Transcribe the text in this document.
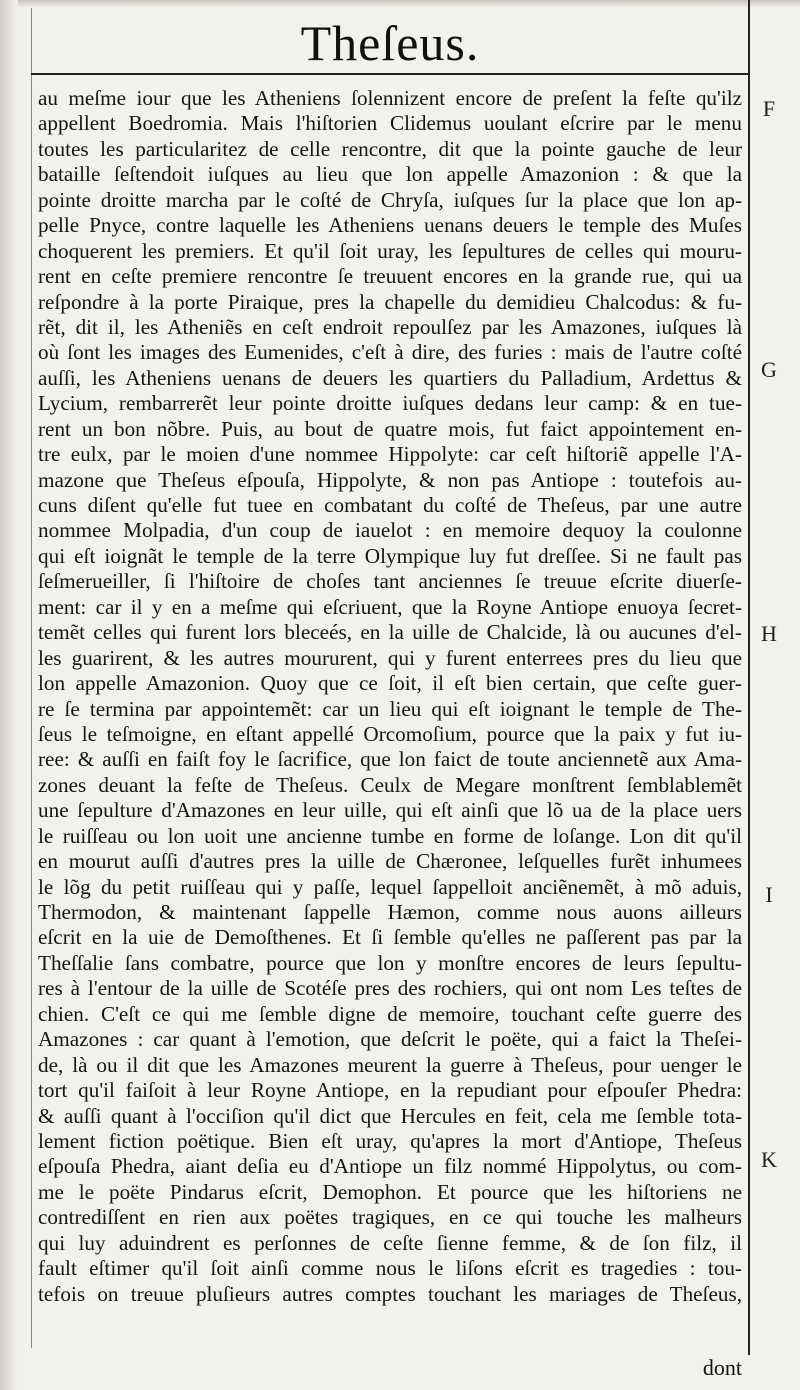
Theſeus.
au meſme iour que les Atheniens ſolennizent encore de preſent la feſte qu'ilz
appellent Boedromia. Mais l'hiſtorien Clidemus uoulant eſcrire par le menu
toutes les particularitez de celle rencontre, dit que la pointe gauche de leur
bataille ſeſtendoit iuſques au lieu que lon appelle Amazonion : & que la
pointe droitte marcha par le coſté de Chryſa, iuſques ſur la place que lon ap-
pelle Pnyce, contre laquelle les Atheniens uenans deuers le temple des Muſes
choquerent les premiers. Et qu'il ſoit uray, les ſepultures de celles qui mouru-
rent en ceſte premiere rencontre ſe treuuent encores en la grande rue, qui ua
reſpondre à la porte Piraique, pres la chapelle du demidieu Chalcodus: & fu-
rẽt, dit il, les Atheniẽs en ceſt endroit repoulſez par les Amazones, iuſques là
où ſont les images des Eumenides, c'eſt à dire, des furies : mais de l'autre coſté
auſſi, les Atheniens uenans de deuers les quartiers du Palladium, Ardettus &
Lycium, rembarrerẽt leur pointe droitte iuſques dedans leur camp: & en tue-
rent un bon nõbre. Puis, au bout de quatre mois, fut faict appointement en-
tre eulx, par le moien d'une nommee Hippolyte: car ceſt hiſtoriẽ appelle l'A-
mazone que Theſeus eſpouſa, Hippolyte, & non pas Antiope : toutefois au-
cuns diſent qu'elle fut tuee en combatant du coſté de Theſeus, par une autre
nommee Molpadia, d'un coup de iauelot : en memoire dequoy la coulonne
qui eſt ioignãt le temple de la terre Olympique luy fut dreſſee. Si ne fault pas
ſeſmerueiller, ſi l'hiſtoire de choſes tant anciennes ſe treuue eſcrite diuerſe-
ment: car il y en a meſme qui eſcriuent, que la Royne Antiope enuoya ſecret-
temẽt celles qui furent lors bleceés, en la uille de Chalcide, là ou aucunes d'el-
les guarirent, & les autres moururent, qui y furent enterrees pres du lieu que
lon appelle Amazonion. Quoy que ce ſoit, il eſt bien certain, que ceſte guer-
re ſe termina par appointemẽt: car un lieu qui eſt ioignant le temple de The-
ſeus le teſmoigne, en eſtant appellé Orcomoſium, pource que la paix y fut iu-
ree: & auſſi en faiſt foy le ſacrifice, que lon faict de toute anciennetẽ aux Ama-
zones deuant la feſte de Theſeus. Ceulx de Megare monſtrent ſemblablemẽt
une ſepulture d'Amazones en leur uille, qui eſt ainſi que lõ ua de la place uers
le ruiſſeau ou lon uoit une ancienne tumbe en forme de loſange. Lon dit qu'il
en mourut auſſi d'autres pres la uille de Chæronee, leſquelles furẽt inhumees
le lõg du petit ruiſſeau qui y paſſe, lequel ſappelloit anciẽnemẽt, à mõ aduis,
Thermodon, & maintenant ſappelle Hæmon, comme nous auons ailleurs
eſcrit en la uie de Demoſthenes. Et ſi ſemble qu'elles ne paſſerent pas par la
Theſſalie ſans combatre, pource que lon y monſtre encores de leurs ſepultu-
res à l'entour de la uille de Scotéſe pres des rochiers, qui ont nom Les teſtes de
chien. C'eſt ce qui me ſemble digne de memoire, touchant ceſte guerre des
Amazones : car quant à l'emotion, que deſcrit le poëte, qui a faict la Theſei-
de, là ou il dit que les Amazones meurent la guerre à Theſeus, pour uenger le
tort qu'il faiſoit à leur Royne Antiope, en la repudiant pour eſpouſer Phedra:
& auſſi quant à l'occiſion qu'il dict que Hercules en feit, cela me ſemble tota-
lement fiction poëtique. Bien eſt uray, qu'apres la mort d'Antiope, Theſeus
eſpouſa Phedra, aiant deſia eu d'Antiope un filz nommé Hippolytus, ou com-
me le poëte Pindarus eſcrit, Demophon. Et pource que les hiſtoriens ne
contrediſſent en rien aux poëtes tragiques, en ce qui touche les malheurs
qui luy aduindrent es perſonnes de ceſte ſienne femme, & de ſon filz, il
fault eſtimer qu'il ſoit ainſi comme nous le liſons eſcrit es tragedies : tou-
tefois on treuue pluſieurs autres comptes touchant les mariages de Theſeus,
F
G
H
I
K
dont
